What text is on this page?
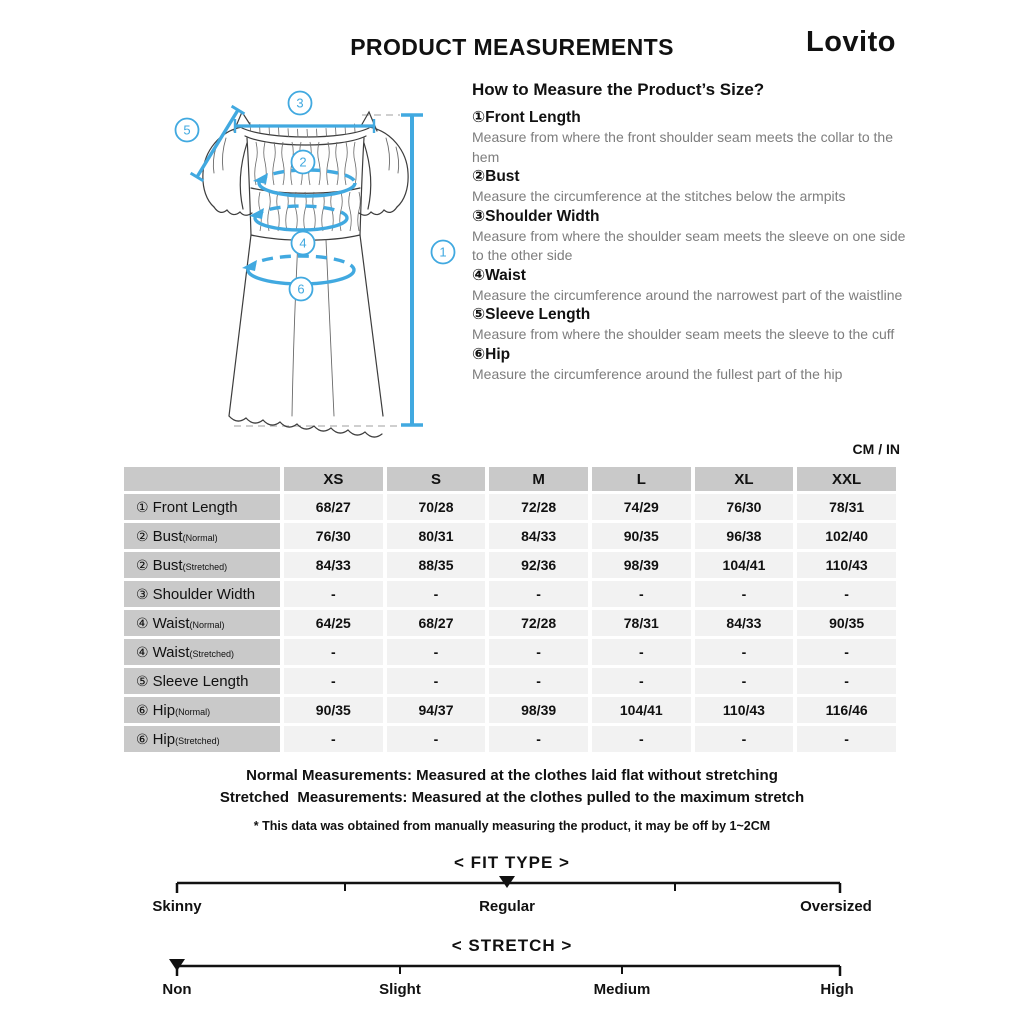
PRODUCT MEASUREMENTS	Lovito
3
5
2
4
6
1
How to Measure the Product’s Size?
①Front Length
Measure from where the front shoulder seam meets the collar to the hem
②Bust
Measure the circumference at the stitches below the armpits
③Shoulder Width
Measure from where the shoulder seam meets the sleeve on one side to the other side
④Waist
Measure the circumference around the narrowest part of the waistline
⑤Sleeve Length
Measure from where the shoulder seam meets the sleeve to the cuff
⑥Hip
Measure the circumference around the fullest part of the hip
CM / IN
	XS	S	M	L	XL	XXL
① Front Length	68/27	70/28	72/28	74/29	76/30	78/31
② Bust(Normal)	76/30	80/31	84/33	90/35	96/38	102/40
② Bust(Stretched)	84/33	88/35	92/36	98/39	104/41	110/43
③ Shoulder Width	-	-	-	-	-	-
④ Waist(Normal)	64/25	68/27	72/28	78/31	84/33	90/35
④ Waist(Stretched)	-	-	-	-	-	-
⑤ Sleeve Length	-	-	-	-	-	-
⑥ Hip(Normal)	90/35	94/37	98/39	104/41	110/43	116/46
⑥ Hip(Stretched)	-	-	-	-	-	-
Normal Measurements: Measured at the clothes laid flat without stretching
Stretched  Measurements: Measured at the clothes pulled to the maximum stretch
* This data was obtained from manually measuring the product, it may be off by 1~2CM
< FIT TYPE >
Skinny	Regular	Oversized
< STRETCH >
Non	Slight	Medium	High
